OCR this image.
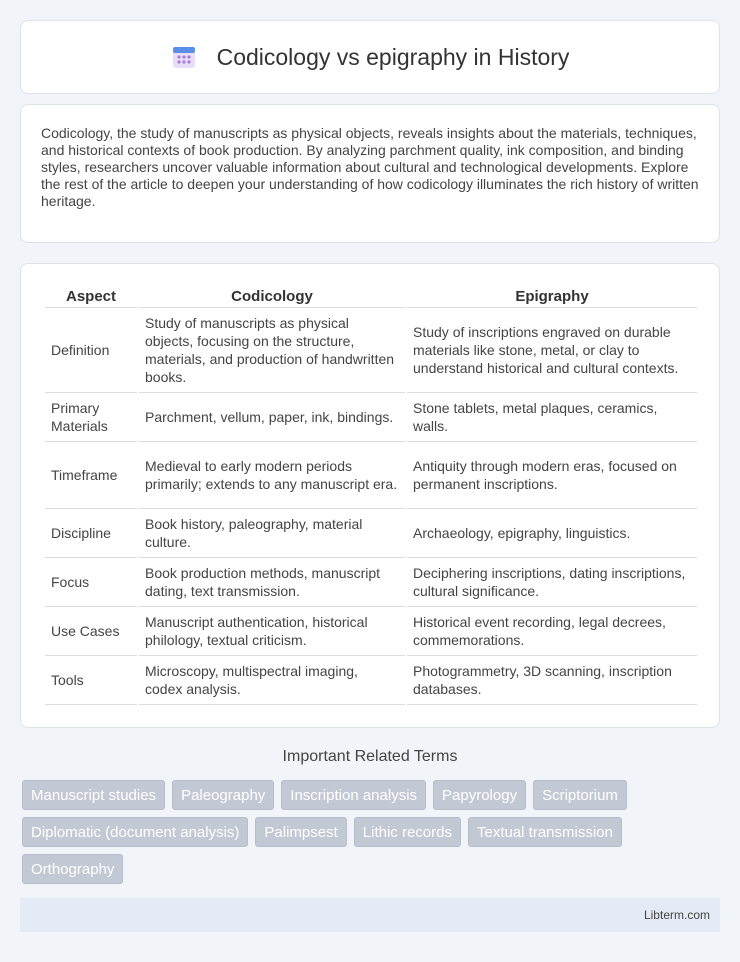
Codicology vs epigraphy in History

Codicology, the study of manuscripts as physical objects, reveals insights about the materials, techniques, and historical contexts of book production. By analyzing parchment quality, ink composition, and binding styles, researchers uncover valuable information about cultural and technological developments. Explore the rest of the article to deepen your understanding of how codicology illuminates the rich history of written heritage.

Aspect	Codicology	Epigraphy
Definition	Study of manuscripts as physical objects, focusing on the structure, materials, and production of handwritten books.	Study of inscriptions engraved on durable materials like stone, metal, or clay to understand historical and cultural contexts.
Primary Materials	Parchment, vellum, paper, ink, bindings.	Stone tablets, metal plaques, ceramics, walls.
Timeframe	Medieval to early modern periods primarily; extends to any manuscript era.	Antiquity through modern eras, focused on permanent inscriptions.
Discipline	Book history, paleography, material culture.	Archaeology, epigraphy, linguistics.
Focus	Book production methods, manuscript dating, text transmission.	Deciphering inscriptions, dating inscriptions, cultural significance.
Use Cases	Manuscript authentication, historical philology, textual criticism.	Historical event recording, legal decrees, commemorations.
Tools	Microscopy, multispectral imaging, codex analysis.	Photogrammetry, 3D scanning, inscription databases.
Important Related Terms
Manuscript studies	Paleography	Inscription analysis	Papyrology	Scriptorium
Diplomatic (document analysis)	Palimpsest	Lithic records	Textual transmission
Orthography
Libterm.com
